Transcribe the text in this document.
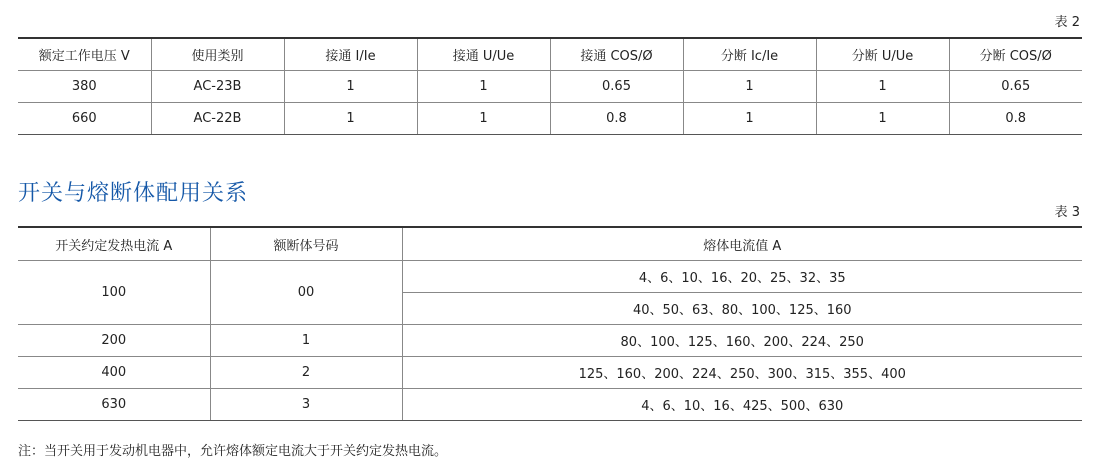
表 2
额定工作电压 V	使用类别	接通 I/Ie	接通 U/Ue	接通 COS/Ø	分断 Ic/Ie	分断 U/Ue	分断 COS/Ø
380	AC-23B	1	1	0.65	1	1	0.65
660	AC-22B	1	1	0.8	1	1	0.8
开关与熔断体配用关系
表 3
开关约定发热电流 A	额断体号码	熔体电流值 A
100	00	4、6、10、16、20、25、32、35
		40、50、63、80、100、125、160
200	1	80、100、125、160、200、224、250
400	2	125、160、200、224、250、300、315、355、400
630	3	4、6、10、16、425、500、630
注：当开关用于发动机电器中，允许熔体额定电流大于开关约定发热电流。
